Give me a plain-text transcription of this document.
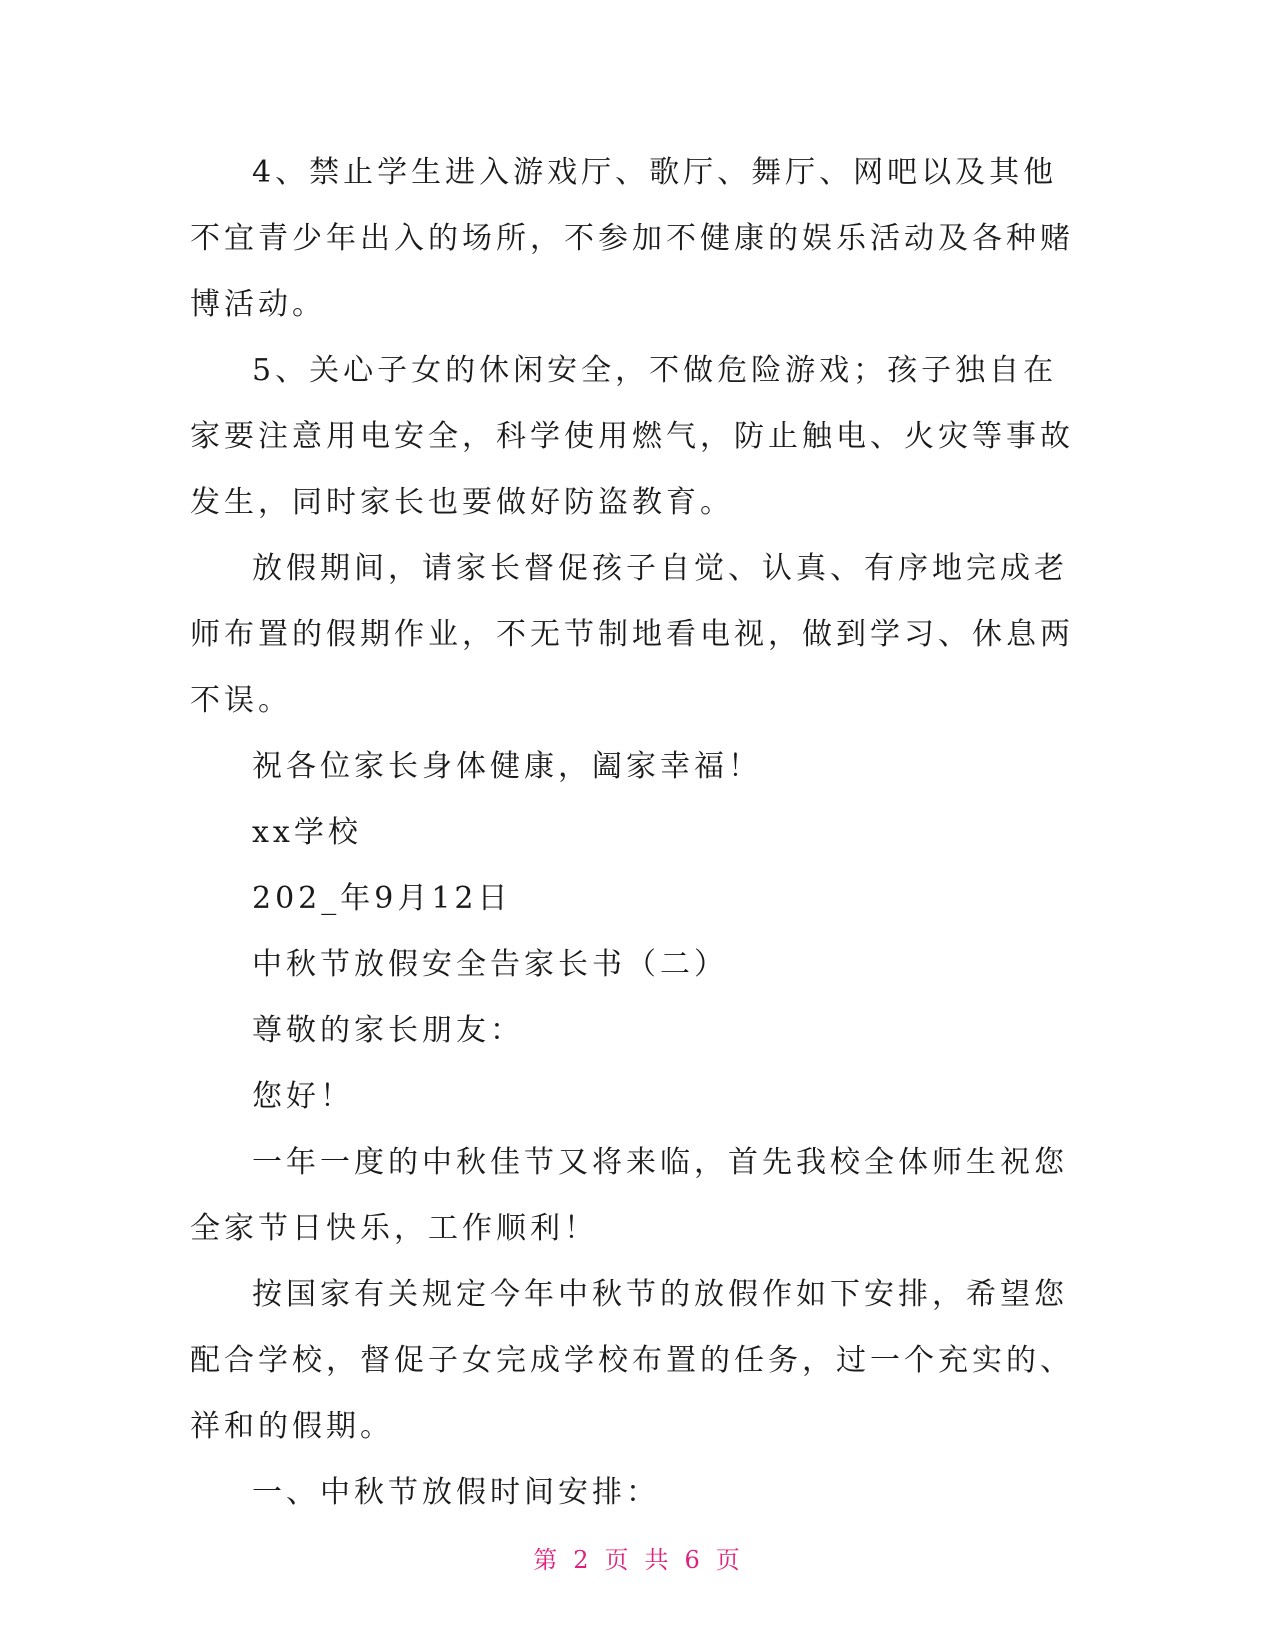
4、禁止学生进入游戏厅、歌厅、舞厅、网吧以及其他不宜青少年出入的场所，不参加不健康的娱乐活动及各种赌博活动。

5、关心子女的休闲安全，不做危险游戏；孩子独自在家要注意用电安全，科学使用燃气，防止触电、火灾等事故发生，同时家长也要做好防盗教育。

放假期间，请家长督促孩子自觉、认真、有序地完成老师布置的假期作业，不无节制地看电视，做到学习、休息两不误。

祝各位家长身体健康，阖家幸福！

xx学校

202_年9月12日

中秋节放假安全告家长书（二）

尊敬的家长朋友：

您好！

一年一度的中秋佳节又将来临，首先我校全体师生祝您全家节日快乐，工作顺利！

按国家有关规定今年中秋节的放假作如下安排，希望您配合学校，督促子女完成学校布置的任务，过一个充实的、祥和的假期。

一、中秋节放假时间安排：

第 2 页 共 6 页
